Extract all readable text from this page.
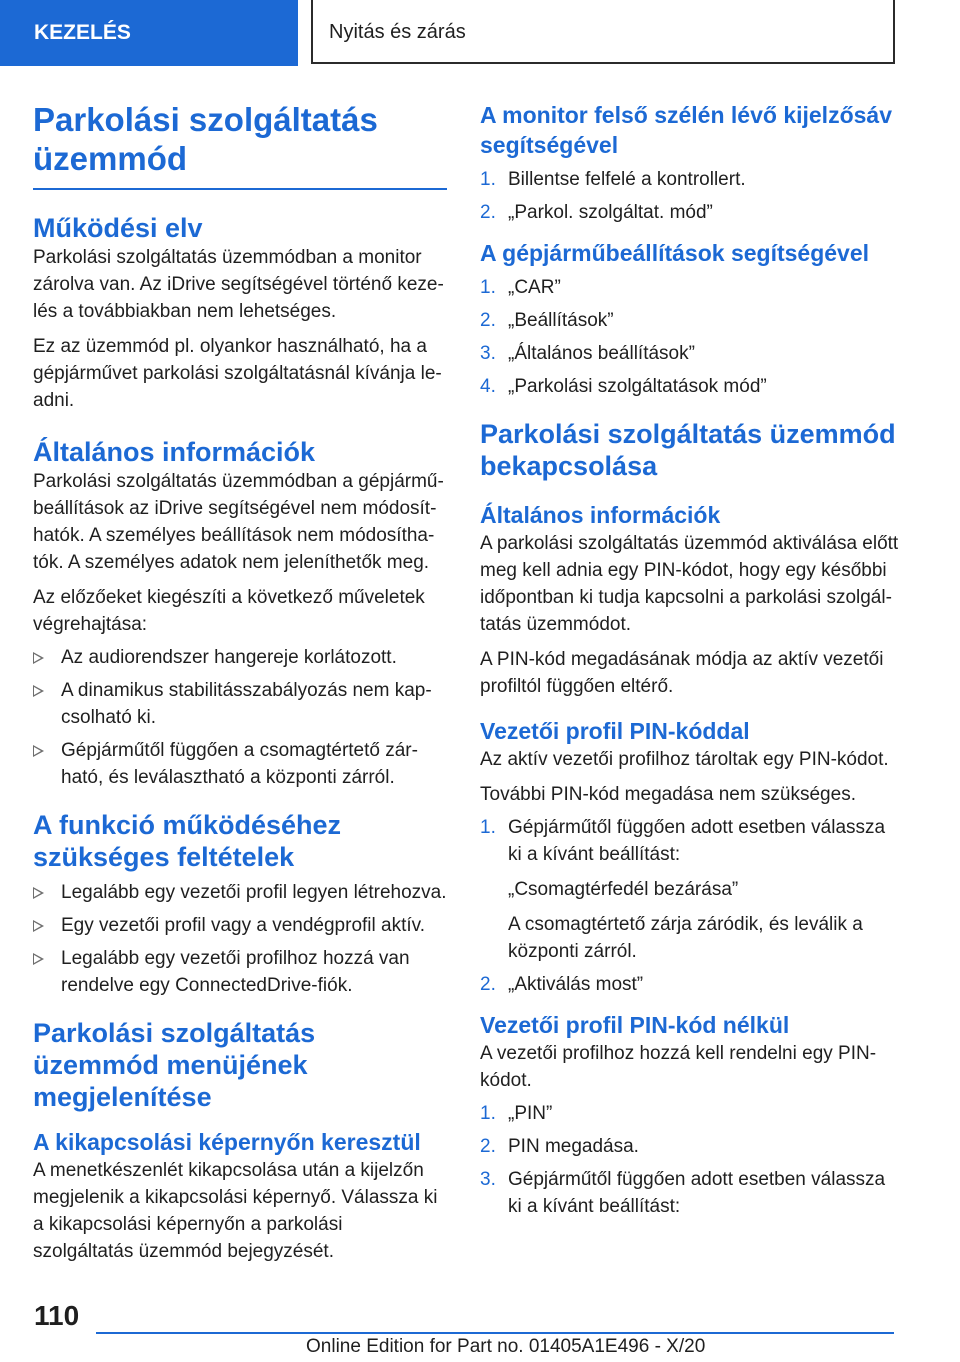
KEZELÉS	Nyitás és zárás
Parkolási szolgáltatás üzemmód
Működési elv

Parkolási szolgáltatás üzemmódban a monitor zárolva van. Az iDrive segítségével történő kezelés a továbbiakban nem lehetséges.

Ez az üzemmód pl. olyankor használható, ha a gépjárművet parkolási szolgáltatásnál kívánja leadni.

Általános információk

Parkolási szolgáltatás üzemmódban a gépjárműbeállítások az iDrive segítségével nem módosíthatók. A személyes beállítások nem módosíthatók. A személyes adatok nem jeleníthetők meg.

Az előzőeket kiegészíti a következő műveletek végrehajtása:

Az audiorendszer hangereje korlátozott.
A dinamikus stabilitásszabályozás nem kapcsolható ki.
Gépjárműtől függően a csomagtértető zárható, és leválasztható a központi zárról.
A funkció működéséhez szükséges feltételek
Legalább egy vezetői profil legyen létrehozva.
Egy vezetői profil vagy a vendégprofil aktív.
Legalább egy vezetői profilhoz hozzá van rendelve egy ConnectedDrive-fiók.
Parkolási szolgáltatás üzemmód menüjének megjelenítése
A kikapcsolási képernyőn keresztül

A menetkészenlét kikapcsolása után a kijelzőn megjelenik a kikapcsolási képernyő. Válassza ki a kikapcsolási képernyőn a parkolási szolgáltatás üzemmód bejegyzését.

A monitor felső szélén lévő kijelzősáv segítségével
1. Billentse felfelé a kontrollert.
2. „Parkol. szolgáltat. mód”
A gépjárműbeállítások segítségével
1. „CAR”
2. „Beállítások”
3. „Általános beállítások”
4. „Parkolási szolgáltatások mód”
Parkolási szolgáltatás üzemmód bekapcsolása
Általános információk

A parkolási szolgáltatás üzemmód aktiválása előtt meg kell adnia egy PIN-kódot, hogy egy későbbi időpontban ki tudja kapcsolni a parkolási szolgáltatás üzemmódot.

A PIN-kód megadásának módja az aktív vezetői profiltól függően eltérő.

Vezetői profil PIN-kóddal

Az aktív vezetői profilhoz tároltak egy PIN-kódot.

További PIN-kód megadása nem szükséges.

1. Gépjárműtől függően adott esetben válassza ki a kívánt beállítást:

„Csomagtérfedél bezárása”

A csomagtértető zárja záródik, és leválik a központi zárról.

2. „Aktiválás most”
Vezetői profil PIN-kód nélkül

A vezetői profilhoz hozzá kell rendelni egy PIN-kódot.

1. „PIN”
2. PIN megadása.
3. Gépjárműtől függően adott esetben válassza ki a kívánt beállítást:
110
Online Edition for Part no. 01405A1E496 - X/20
